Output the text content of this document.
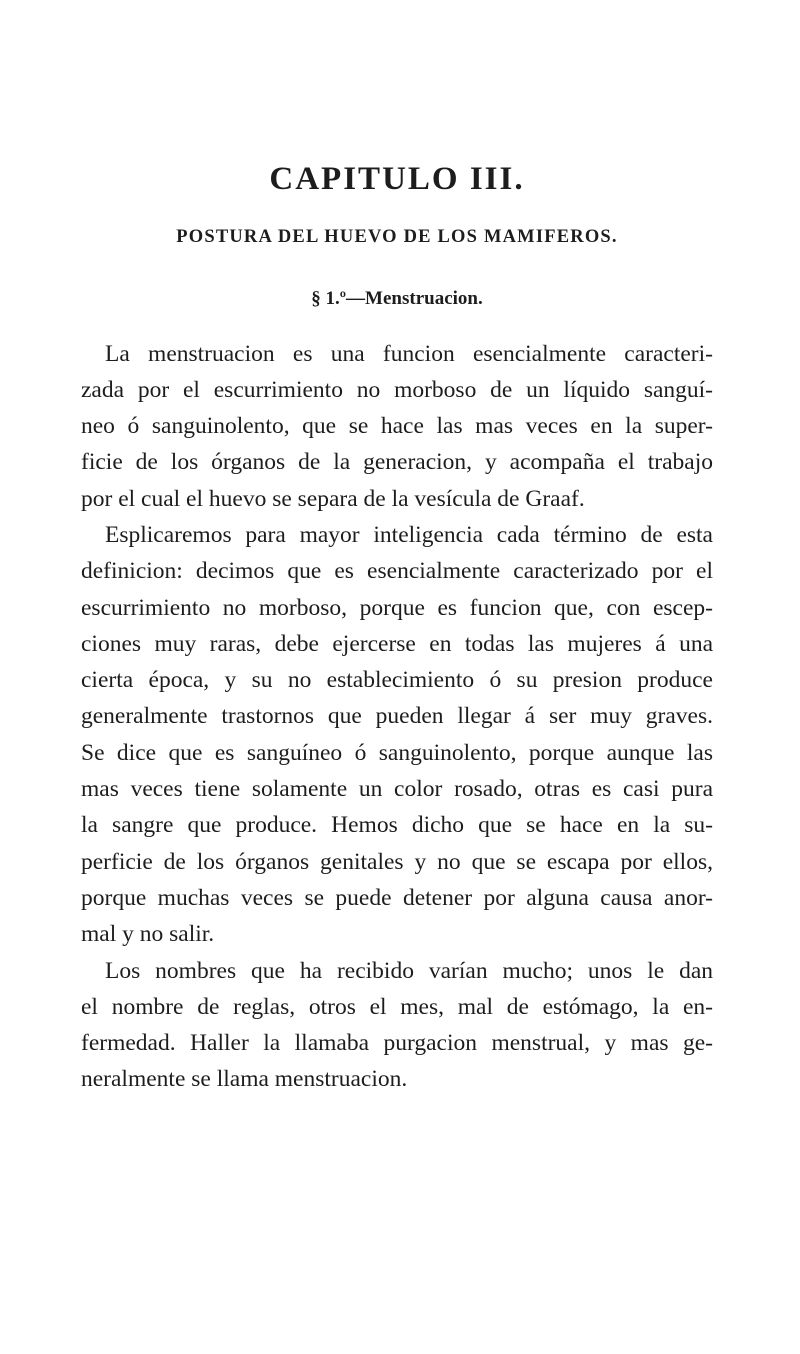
CAPITULO III.
POSTURA DEL HUEVO DE LOS MAMIFEROS.
§ 1.º—Menstruacion.
La menstruacion es una funcion esencialmente caracteri-
zada por el escurrimiento no morboso de un líquido sanguí-
neo ó sanguinolento, que se hace las mas veces en la super-
ficie de los órganos de la generacion, y acompaña el trabajo
por el cual el huevo se separa de la vesícula de Graaf.
Esplicaremos para mayor inteligencia cada término de esta
definicion: decimos que es esencialmente caracterizado por el
escurrimiento no morboso, porque es funcion que, con escep-
ciones muy raras, debe ejercerse en todas las mujeres á una
cierta época, y su no establecimiento ó su presion produce
generalmente trastornos que pueden llegar á ser muy graves.
Se dice que es sanguíneo ó sanguinolento, porque aunque las
mas veces tiene solamente un color rosado, otras es casi pura
la sangre que produce. Hemos dicho que se hace en la su-
perficie de los órganos genitales y no que se escapa por ellos,
porque muchas veces se puede detener por alguna causa anor-
mal y no salir.
Los nombres que ha recibido varían mucho; unos le dan
el nombre de reglas, otros el mes, mal de estómago, la en-
fermedad. Haller la llamaba purgacion menstrual, y mas ge-
neralmente se llama menstruacion.
